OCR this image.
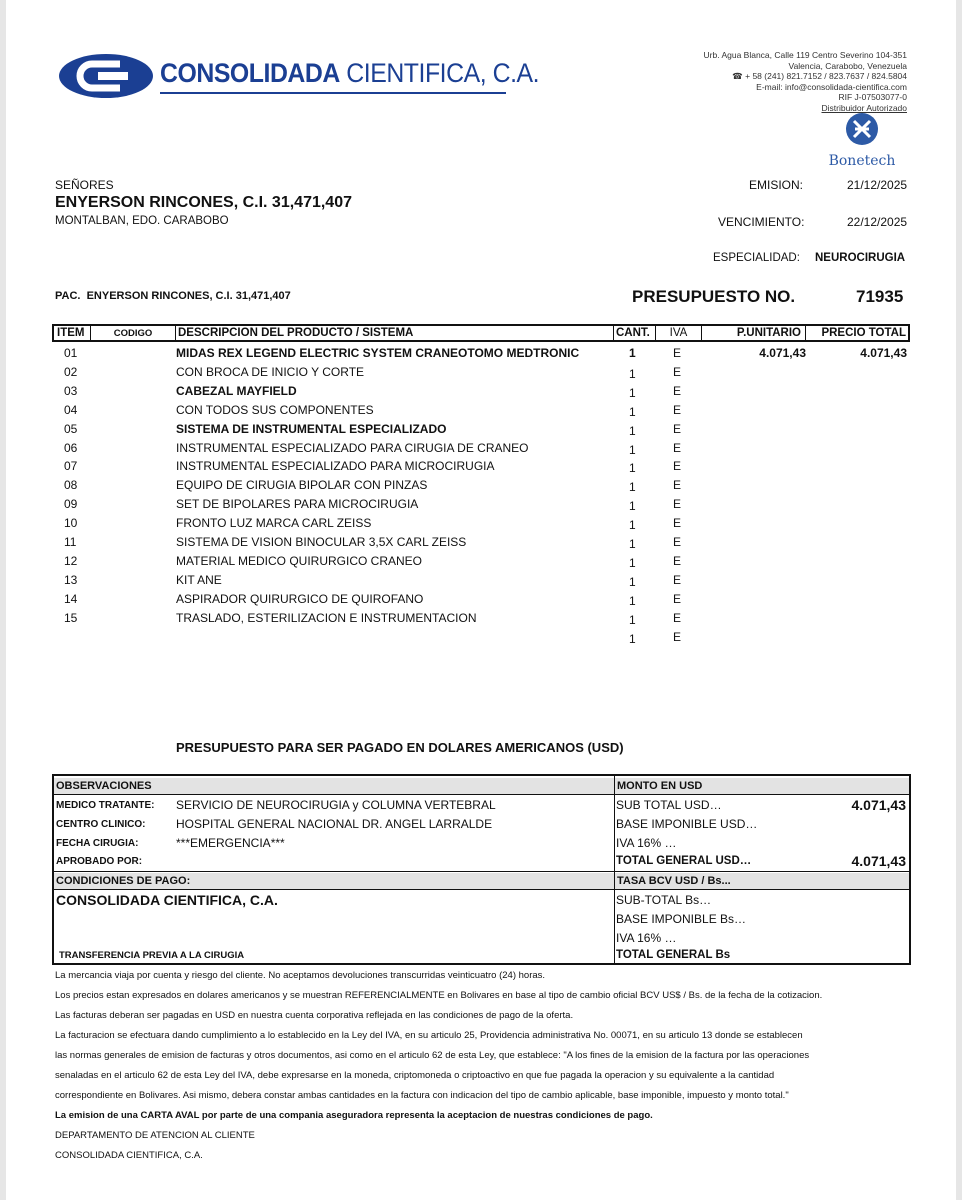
CONSOLIDADA CIENTIFICA, C.A.
Urb. Agua Blanca, Calle 119 Centro Severino 104-351
Valencia, Carabobo, Venezuela
☎ + 58 (241) 821.7152 / 823.7637 / 824.5804
E-mail: info@consolidada-cientifica.com
RIF J-07503077-0
Distribuidor Autorizado
Bonetech
SEÑORES
ENYERSON RINCONES, C.I. 31,471,407
MONTALBAN, EDO. CARABOBO
EMISION:	21/12/2025
VENCIMIENTO:	22/12/2025
ESPECIALIDAD: NEUROCIRUGIA
PAC. ENYERSON RINCONES, C.I. 31,471,407	PRESUPUESTO NO.	71935
ITEM	CODIGO	DESCRIPCION DEL PRODUCTO / SISTEMA	CANT.	IVA	P.UNITARIO	PRECIO TOTAL
01	MIDAS REX LEGEND ELECTRIC SYSTEM CRANEOTOMO MEDTRONIC	1	E	4.071,43	4.071,43
02	CON BROCA DE INICIO Y CORTE	1	E
03	CABEZAL MAYFIELD	1	E
04	CON TODOS SUS COMPONENTES	1	E
05	SISTEMA DE INSTRUMENTAL ESPECIALIZADO	1	E
06	INSTRUMENTAL ESPECIALIZADO PARA CIRUGIA DE CRANEO	1	E
07	INSTRUMENTAL ESPECIALIZADO PARA MICROCIRUGIA	1	E
08	EQUIPO DE CIRUGIA BIPOLAR CON PINZAS	1	E
09	SET DE BIPOLARES PARA MICROCIRUGIA	1	E
10	FRONTO LUZ MARCA CARL ZEISS	1	E
11	SISTEMA DE VISION BINOCULAR 3,5X CARL ZEISS	1	E
12	MATERIAL MEDICO QUIRURGICO CRANEO	1	E
13	KIT ANE	1	E
14	ASPIRADOR QUIRURGICO DE QUIROFANO	1	E
15	TRASLADO, ESTERILIZACION E INSTRUMENTACION	1	E
1	E
PRESUPUESTO PARA SER PAGADO EN DOLARES AMERICANOS (USD)
OBSERVACIONES	MONTO EN USD
MEDICO TRATANTE: SERVICIO DE NEUROCIRUGIA y COLUMNA VERTEBRAL
CENTRO CLINICO:	HOSPITAL GENERAL NACIONAL DR. ANGEL LARRALDE
FECHA CIRUGIA:	***EMERGENCIA***
APROBADO POR:
SUB TOTAL USD…	4.071,43
BASE IMPONIBLE USD…
IVA 16% …
TOTAL GENERAL USD…	4.071,43
CONDICIONES DE PAGO:	TASA BCV USD / Bs...
CONSOLIDADA CIENTIFICA, C.A.
TRANSFERENCIA PREVIA A LA CIRUGIA
SUB-TOTAL Bs…
BASE IMPONIBLE Bs…
IVA 16% …
TOTAL GENERAL Bs
La mercancia viaja por cuenta y riesgo del cliente. No aceptamos devoluciones transcurridas veinticuatro (24) horas.
Los precios estan expresados en dolares americanos y se muestran REFERENCIALMENTE en Bolivares en base al tipo de cambio oficial BCV US$ / Bs. de la fecha de la cotizacion.
Las facturas deberan ser pagadas en USD en nuestra cuenta corporativa reflejada en las condiciones de pago de la oferta.
La facturacion se efectuara dando cumplimiento a lo establecido en la Ley del IVA, en su articulo 25, Providencia administrativa No. 00071, en su articulo 13 donde se establecen
las normas generales de emision de facturas y otros documentos, asi como en el articulo 62 de esta Ley, que establece: "A los fines de la emision de la factura por las operaciones
senaladas en el articulo 62 de esta Ley del IVA, debe expresarse en la moneda, criptomoneda o criptoactivo en que fue pagada la operacion y su equivalente a la cantidad
correspondiente en Bolivares. Asi mismo, debera constar ambas cantidades en la factura con indicacion del tipo de cambio aplicable, base imponible, impuesto y monto total."
La emision de una CARTA AVAL por parte de una compania aseguradora representa la aceptacion de nuestras condiciones de pago.
DEPARTAMENTO DE ATENCION AL CLIENTE
CONSOLIDADA CIENTIFICA, C.A.
